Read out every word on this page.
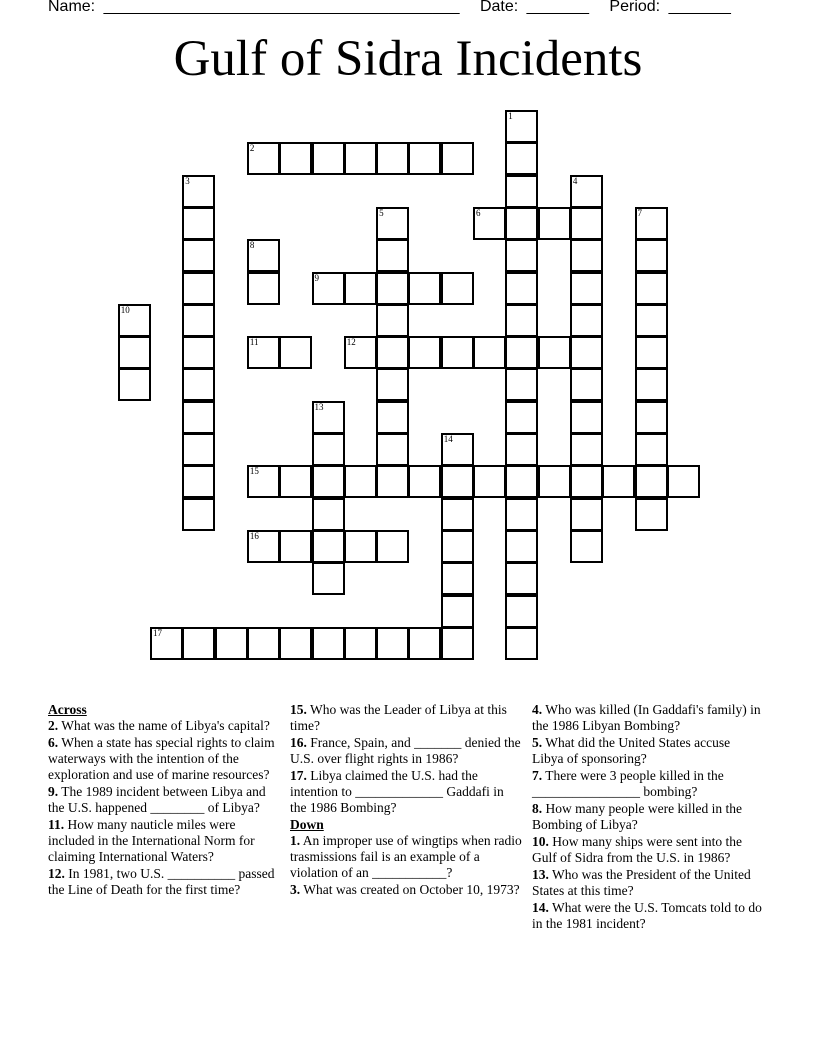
Name: ________________________________________ Date: _______ Period: _______
Gulf of Sidra Incidents
1
2
3	4
5	6	7
8
9
10
11	12
13
14
15
16
17

Across

2. What was the name of Libya's capital?

6. When a state has special rights to claim waterways with the intention of the exploration and use of marine resources?

9. The 1989 incident between Libya and the U.S. happened ________ of Libya?

11. How many nauticle miles were included in the International Norm for claiming International Waters?

12. In 1981, two U.S. __________ passed the Line of Death for the first time?

15. Who was the Leader of Libya at this time?

16. France, Spain, and _______ denied the U.S. over flight rights in 1986?

17. Libya claimed the U.S. had the intention to _____________ Gaddafi in the 1986 Bombing?

Down

1. An improper use of wingtips when radio trasmissions fail is an example of a violation of an ___________?

3. What was created on October 10, 1973?

4. Who was killed (In Gaddafi's family) in the 1986 Libyan Bombing?

5. What did the United States accuse Libya of sponsoring?

7. There were 3 people killed in the ________________ bombing?

8. How many people were killed in the Bombing of Libya?

10. How many ships were sent into the Gulf of Sidra from the U.S. in 1986?

13. Who was the President of the United States at this time?

14. What were the U.S. Tomcats told to do in the 1981 incident?
